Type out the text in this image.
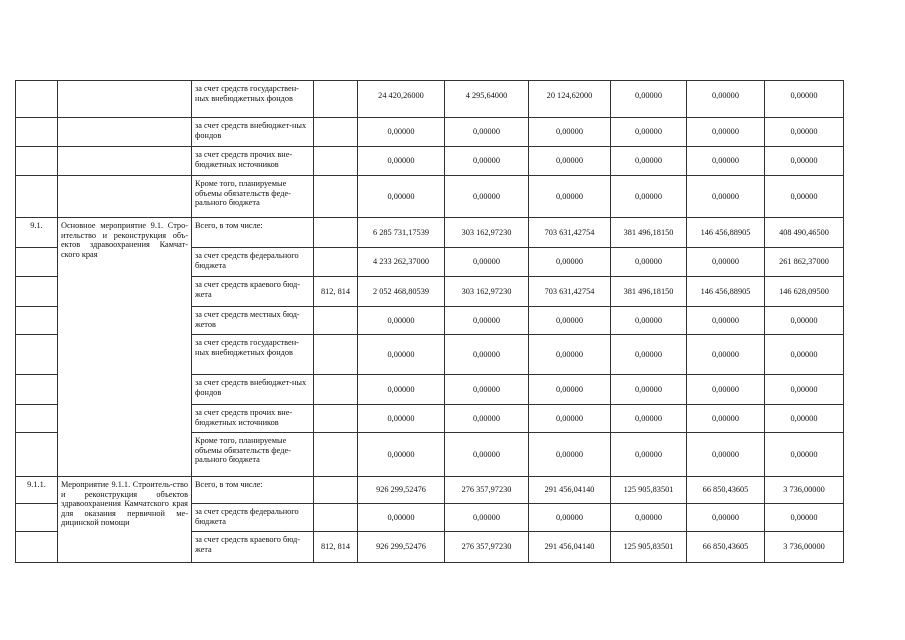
		за счет средств государствен-ных внебюджетных фондов		24 420,26000	4 295,64000	20 124,62000	0,00000	0,00000	0,00000
		за счет средств внебюджет-ных фондов		0,00000	0,00000	0,00000	0,00000	0,00000	0,00000
		за счет средств прочих вне-бюджетных источников		0,00000	0,00000	0,00000	0,00000	0,00000	0,00000
		Кроме того, планируемые объемы обязательств феде-рального бюджета		0,00000	0,00000	0,00000	0,00000	0,00000	0,00000
9.1.	Основное мероприятие 9.1. Стро-ительство и реконструкция объ-ектов здравоохранения Камчат-ского края	Всего, в том числе:		6 285 731,17539	303 162,97230	703 631,42754	381 496,18150	146 456,88905	408 490,46500
		за счет средств федерального бюджета		4 233 262,37000	0,00000	0,00000	0,00000	0,00000	261 862,37000
		за счет средств краевого бюд-жета	812, 814	2 052 468,80539	303 162,97230	703 631,42754	381 496,18150	146 456,88905	146 628,09500
		за счет средств местных бюд-жетов		0,00000	0,00000	0,00000	0,00000	0,00000	0,00000
		за счет средств государствен-ных внебюджетных фондов		0,00000	0,00000	0,00000	0,00000	0,00000	0,00000
		за счет средств внебюджет-ных фондов		0,00000	0,00000	0,00000	0,00000	0,00000	0,00000
		за счет средств прочих вне-бюджетных источников		0,00000	0,00000	0,00000	0,00000	0,00000	0,00000
		Кроме того, планируемые объемы обязательств феде-рального бюджета		0,00000	0,00000	0,00000	0,00000	0,00000	0,00000
9.1.1.	Мероприятие 9.1.1. Строитель-ство и реконструкция объектов здравоохранения Камчатского края для оказания первичной ме-дицинской помощи	Всего, в том числе:		926 299,52476	276 357,97230	291 456,04140	125 905,83501	66 850,43605	3 736,00000
		за счет средств федерального бюджета		0,00000	0,00000	0,00000	0,00000	0,00000	0,00000
		за счет средств краевого бюд-жета	812, 814	926 299,52476	276 357,97230	291 456,04140	125 905,83501	66 850,43605	3 736,00000
